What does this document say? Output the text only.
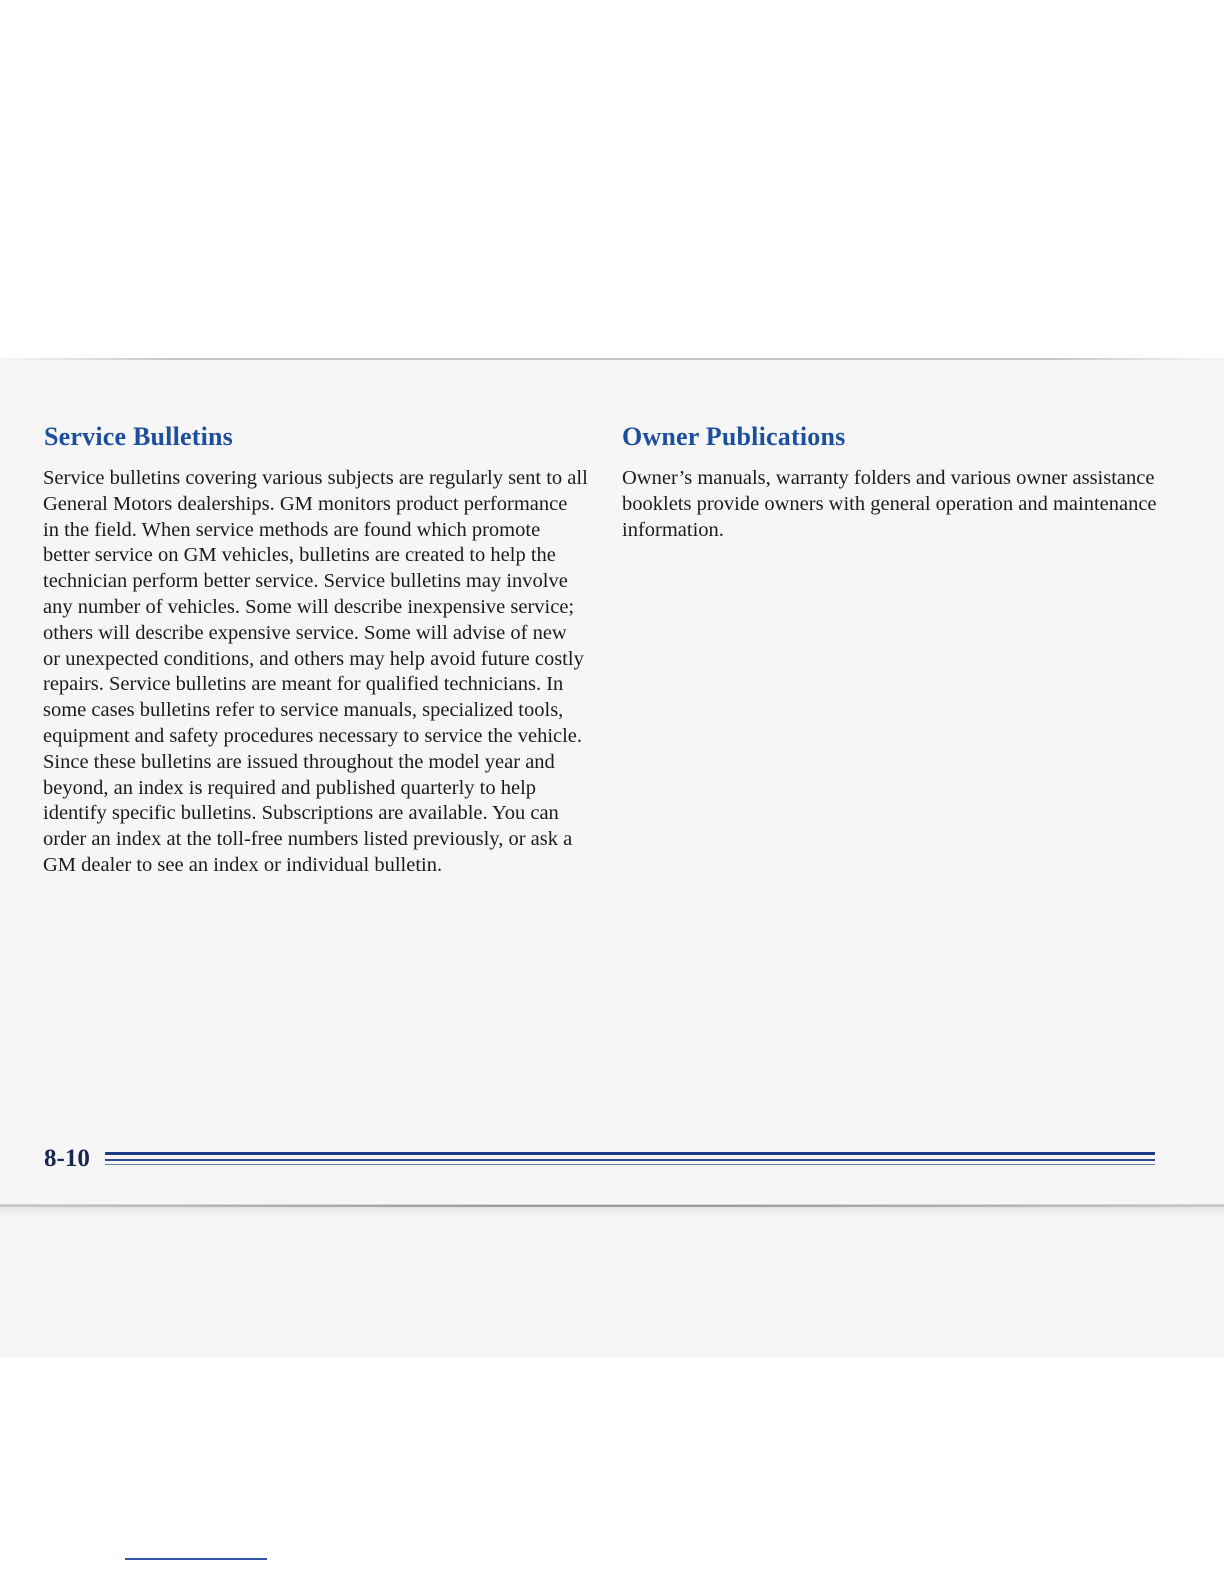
Service Bulletins

Service bulletins covering various subjects are regularly sent to all General Motors dealerships. GM monitors product performance in the field. When service methods are found which promote better service on GM vehicles, bulletins are created to help the technician perform better service. Service bulletins may involve any number of vehicles. Some will describe inexpensive service; others will describe expensive service. Some will advise of new or unexpected conditions, and others may help avoid future costly repairs. Service bulletins are meant for qualified technicians. In some cases bulletins refer to service manuals, specialized tools, equipment and safety procedures necessary to service the vehicle. Since these bulletins are issued throughout the model year and beyond, an index is required and published quarterly to help identify specific bulletins. Subscriptions are available. You can order an index at the toll-free numbers listed previously, or ask a GM dealer to see an index or individual bulletin.

Owner Publications

Owner’s manuals, warranty folders and various owner assistance booklets provide owners with general operation and maintenance information.

8-10
